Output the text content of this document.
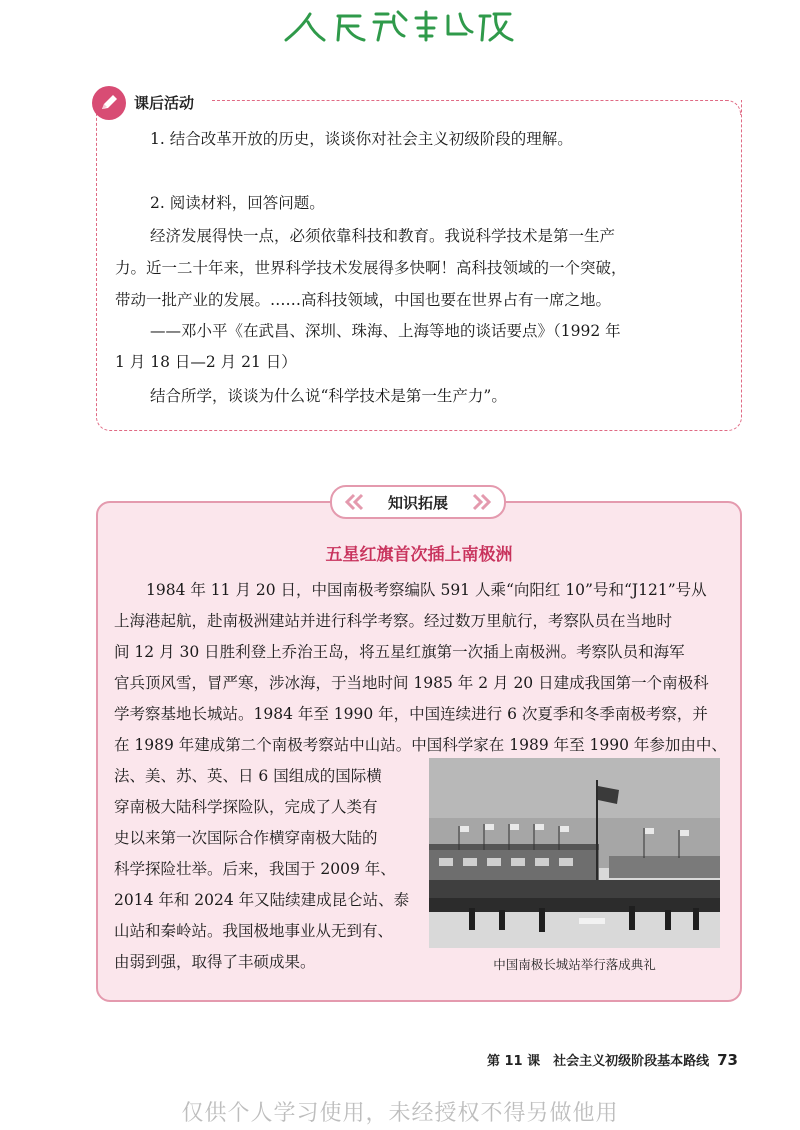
课后活动
1. 结合改革开放的历史，谈谈你对社会主义初级阶段的理解。
2. 阅读材料，回答问题。
经济发展得快一点，必须依靠科技和教育。我说科学技术是第一生产
力。近一二十年来，世界科学技术发展得多快啊！高科技领域的一个突破，
带动一批产业的发展。……高科技领域，中国也要在世界占有一席之地。
——邓小平《在武昌、深圳、珠海、上海等地的谈话要点》（1992 年
1 月 18 日—2 月 21 日）
结合所学，谈谈为什么说“科学技术是第一生产力”。
知识拓展
五星红旗首次插上南极洲
1984 年 11 月 20 日，中国南极考察编队 591 人乘“向阳红 10”号和“J121”号从
上海港起航，赴南极洲建站并进行科学考察。经过数万里航行，考察队员在当地时
间 12 月 30 日胜利登上乔治王岛，将五星红旗第一次插上南极洲。考察队员和海军
官兵顶风雪，冒严寒，涉冰海，于当地时间 1985 年 2 月 20 日建成我国第一个南极科
学考察基地长城站。1984 年至 1990 年，中国连续进行 6 次夏季和冬季南极考察，并
在 1989 年建成第二个南极考察站中山站。中国科学家在 1989 年至 1990 年参加由中、
法、美、苏、英、日 6 国组成的国际横
穿南极大陆科学探险队，完成了人类有
史以来第一次国际合作横穿南极大陆的
科学探险壮举。后来，我国于 2009 年、
2014 年和 2024 年又陆续建成昆仑站、泰
山站和秦岭站。我国极地事业从无到有、
由弱到强，取得了丰硕成果。	中国南极长城站举行落成典礼
第 11 课　社会主义初级阶段基本路线 73
仅供个人学习使用，未经授权不得另做他用
